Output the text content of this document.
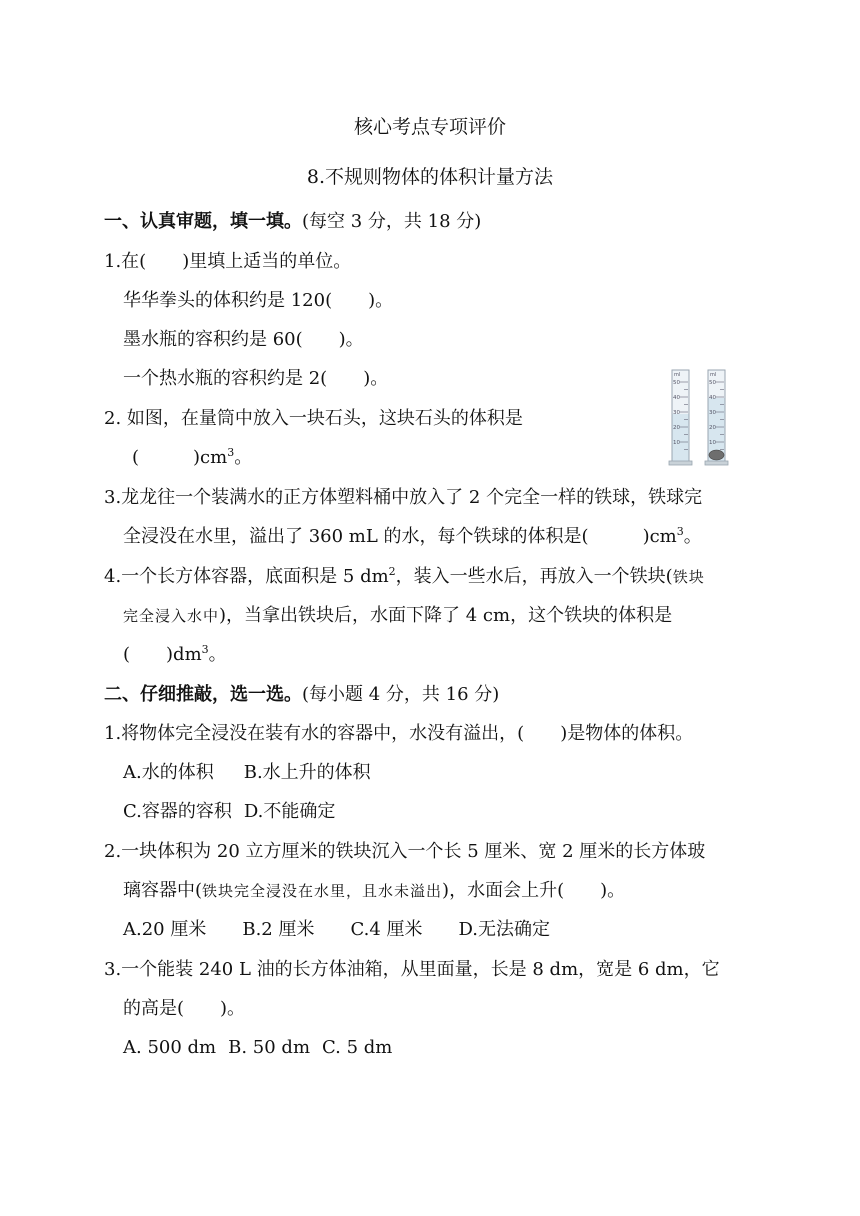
核心考点专项评价
8.不规则物体的体积计量方法
一、认真审题，填一填。(每空 3 分，共 18 分)
1.在(　　)里填上适当的单位。
华华拳头的体积约是 120(　　)。
墨水瓶的容积约是 60(　　)。
一个热水瓶的容积约是 2(　　)。
2. 如图，在量筒中放入一块石头，这块石头的体积是
(　　　)$cm^3$。
ml
50
40
30
20
10
ml
50
40
30
20
10
3.龙龙往一个装满水的正方体塑料桶中放入了 2 个完全一样的铁球，铁球完
全浸没在水里，溢出了 360 mL 的水，每个铁球的体积是(　　　)$cm^3$。
4.一个长方体容器，底面积是 5 $dm^2$，装入一些水后，再放入一个铁块(铁块
完全浸入水中)，当拿出铁块后，水面下降了 4 cm，这个铁块的体积是
(　　)$dm^3$。
二、仔细推敲，选一选。(每小题 4 分，共 16 分)
1.将物体完全浸没在装有水的容器中，水没有溢出，(　　)是物体的体积。
A.水的体积 B.水上升的体积
C.容器的容积 D.不能确定
2.一块体积为 20 立方厘米的铁块沉入一个长 5 厘米、宽 2 厘米的长方体玻
璃容器中(铁块完全浸没在水里，且水未溢出)，水面会上升(　　)。
A.20 厘米 B.2 厘米 C.4 厘米 D.无法确定
3.一个能装 240 L 油的长方体油箱，从里面量，长是 8 dm，宽是 6 dm，它
的高是(　　)。
A. 500 dm B. 50 dm C. 5 dm
